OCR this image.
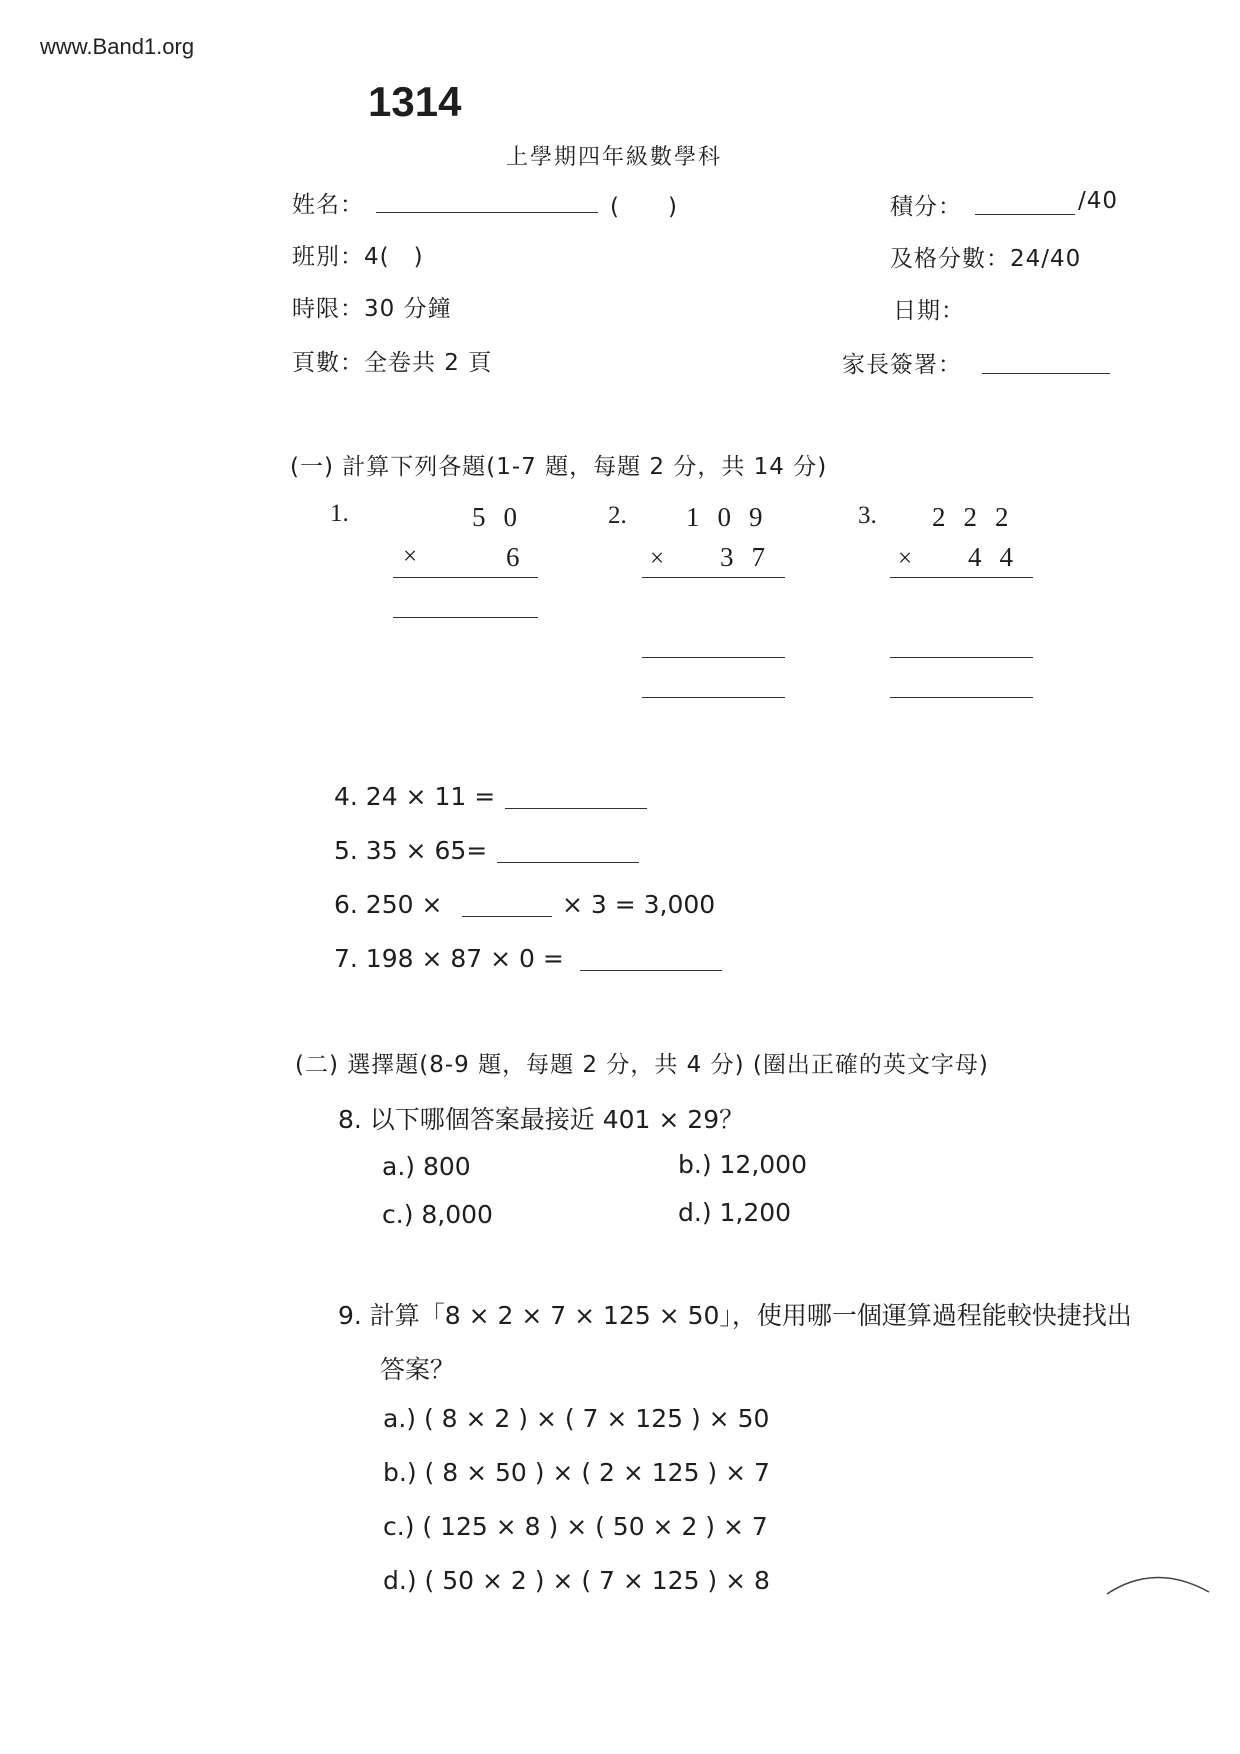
www.Band1.org
1314
上學期四年級數學科
姓名：	(　　)	積分：	/40
班別：4(　)	及格分數：24/40
時限：30 分鐘	日期：
頁數：全卷共 2 頁	家長簽署：
(一) 計算下列各題(1-7 題，每題 2 分，共 14 分)
1.	50
×	6
2. 109
× 37
3. 222
× 44
4. 24 × 11 =
5. 35 × 65=
6. 250 ×	× 3 = 3,000
7. 198 × 87 × 0 =
(二) 選擇題(8-9 題，每題 2 分，共 4 分) (圈出正確的英文字母)
8. 以下哪個答案最接近 401 × 29？
a.) 800	b.) 12,000
c.) 8,000	d.) 1,200
9. 計算「8 × 2 × 7 × 125 × 50」，使用哪一個運算過程能較快捷找出
答案？
a.) ( 8 × 2 ) × ( 7 × 125 ) × 50
b.) ( 8 × 50 ) × ( 2 × 125 ) × 7
c.) ( 125 × 8 ) × ( 50 × 2 ) × 7
d.) ( 50 × 2 ) × ( 7 × 125 ) × 8
